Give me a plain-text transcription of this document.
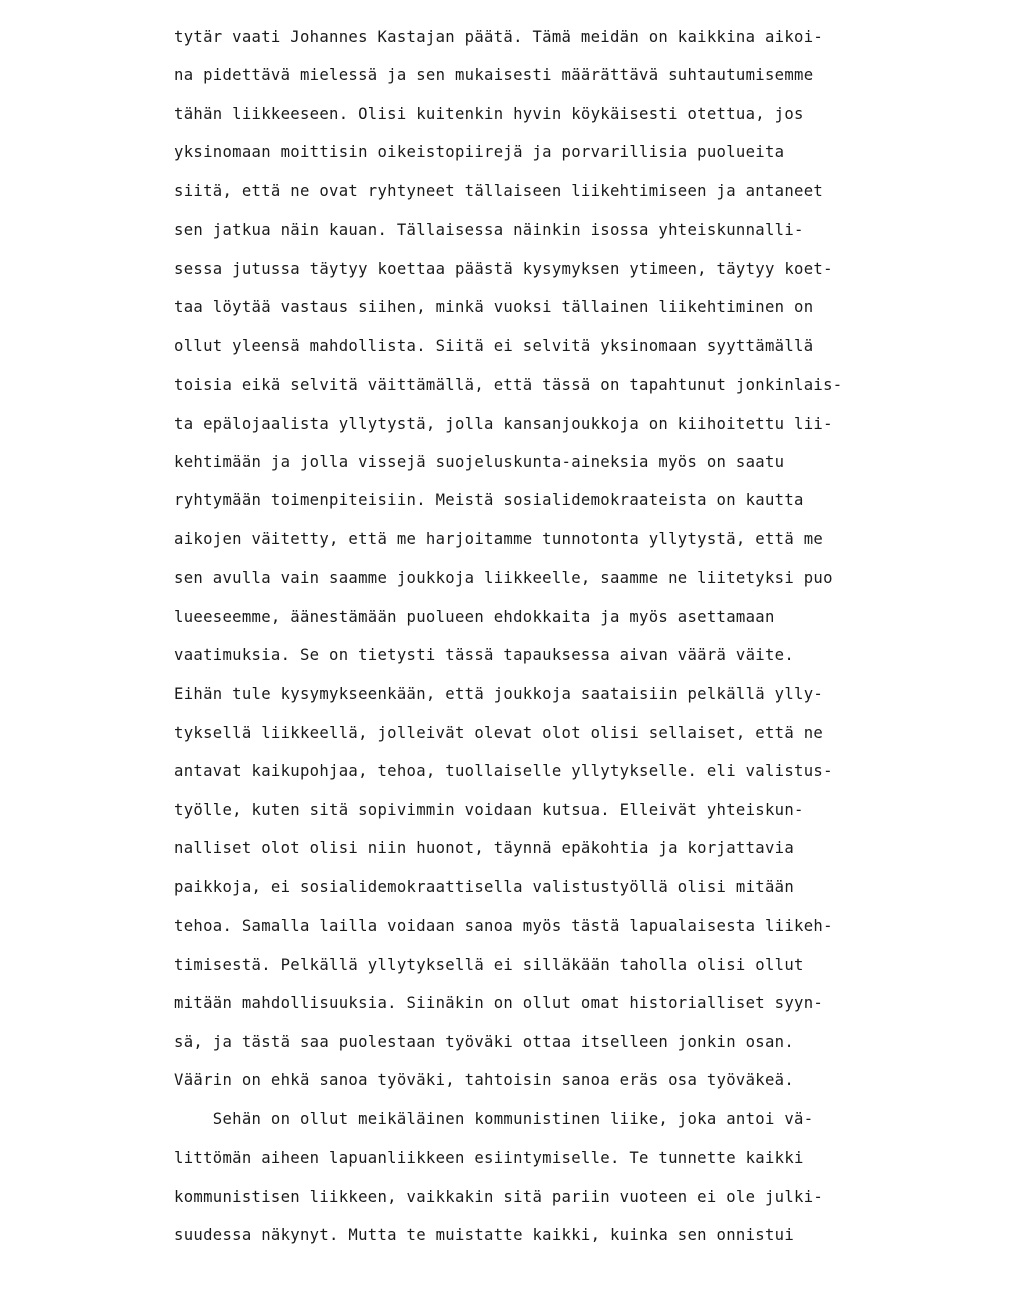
tytär vaati Johannes Kastajan päätä. Tämä meidän on kaikkina aikoi-
na pidettävä mielessä ja sen mukaisesti määrättävä suhtautumisemme
tähän liikkeeseen. Olisi kuitenkin hyvin köykäisesti otettua, jos
yksinomaan moittisin oikeistopiirejä ja porvarillisia puolueita
siitä, että ne ovat ryhtyneet tällaiseen liikehtimiseen ja antaneet
sen jatkua näin kauan. Tällaisessa näinkin isossa yhteiskunnalli-
sessa jutussa täytyy koettaa päästä kysymyksen ytimeen, täytyy koet-
taa löytää vastaus siihen, minkä vuoksi tällainen liikehtiminen on
ollut yleensä mahdollista. Siitä ei selvitä yksinomaan syyttämällä
toisia eikä selvitä väittämällä, että tässä on tapahtunut jonkinlais-
ta epälojaalista yllytystä, jolla kansanjoukkoja on kiihoitettu lii-
kehtimään ja jolla vissejä suojeluskunta-aineksia myös on saatu
ryhtymään toimenpiteisiin. Meistä sosialidemokraateista on kautta
aikojen väitetty, että me harjoitamme tunnotonta yllytystä, että me
sen avulla vain saamme joukkoja liikkeelle, saamme ne liitetyksi puo
lueeseemme, äänestämään puolueen ehdokkaita ja myös asettamaan
vaatimuksia. Se on tietysti tässä tapauksessa aivan väärä väite.
Eihän tule kysymykseenkään, että joukkoja saataisiin pelkällä ylly-
tyksellä liikkeellä, jolleivät olevat olot olisi sellaiset, että ne
antavat kaikupohjaa, tehoa, tuollaiselle yllytykselle. eli valistus-
työlle, kuten sitä sopivimmin voidaan kutsua. Elleivät yhteiskun-
nalliset olot olisi niin huonot, täynnä epäkohtia ja korjattavia
paikkoja, ei sosialidemokraattisella valistustyöllä olisi mitään
tehoa. Samalla lailla voidaan sanoa myös tästä lapualaisesta liikeh-
timisestä. Pelkällä yllytyksellä ei silläkään taholla olisi ollut
mitään mahdollisuuksia. Siinäkin on ollut omat historialliset syyn-
sä, ja tästä saa puolestaan työväki ottaa itselleen jonkin osan.
Väärin on ehkä sanoa työväki, tahtoisin sanoa eräs osa työväkeä.
Sehän on ollut meikäläinen kommunistinen liike, joka antoi vä-
littömän aiheen lapuanliikkeen esiintymiselle. Te tunnette kaikki
kommunistisen liikkeen, vaikkakin sitä pariin vuoteen ei ole julki-
suudessa näkynyt. Mutta te muistatte kaikki, kuinka sen onnistui
